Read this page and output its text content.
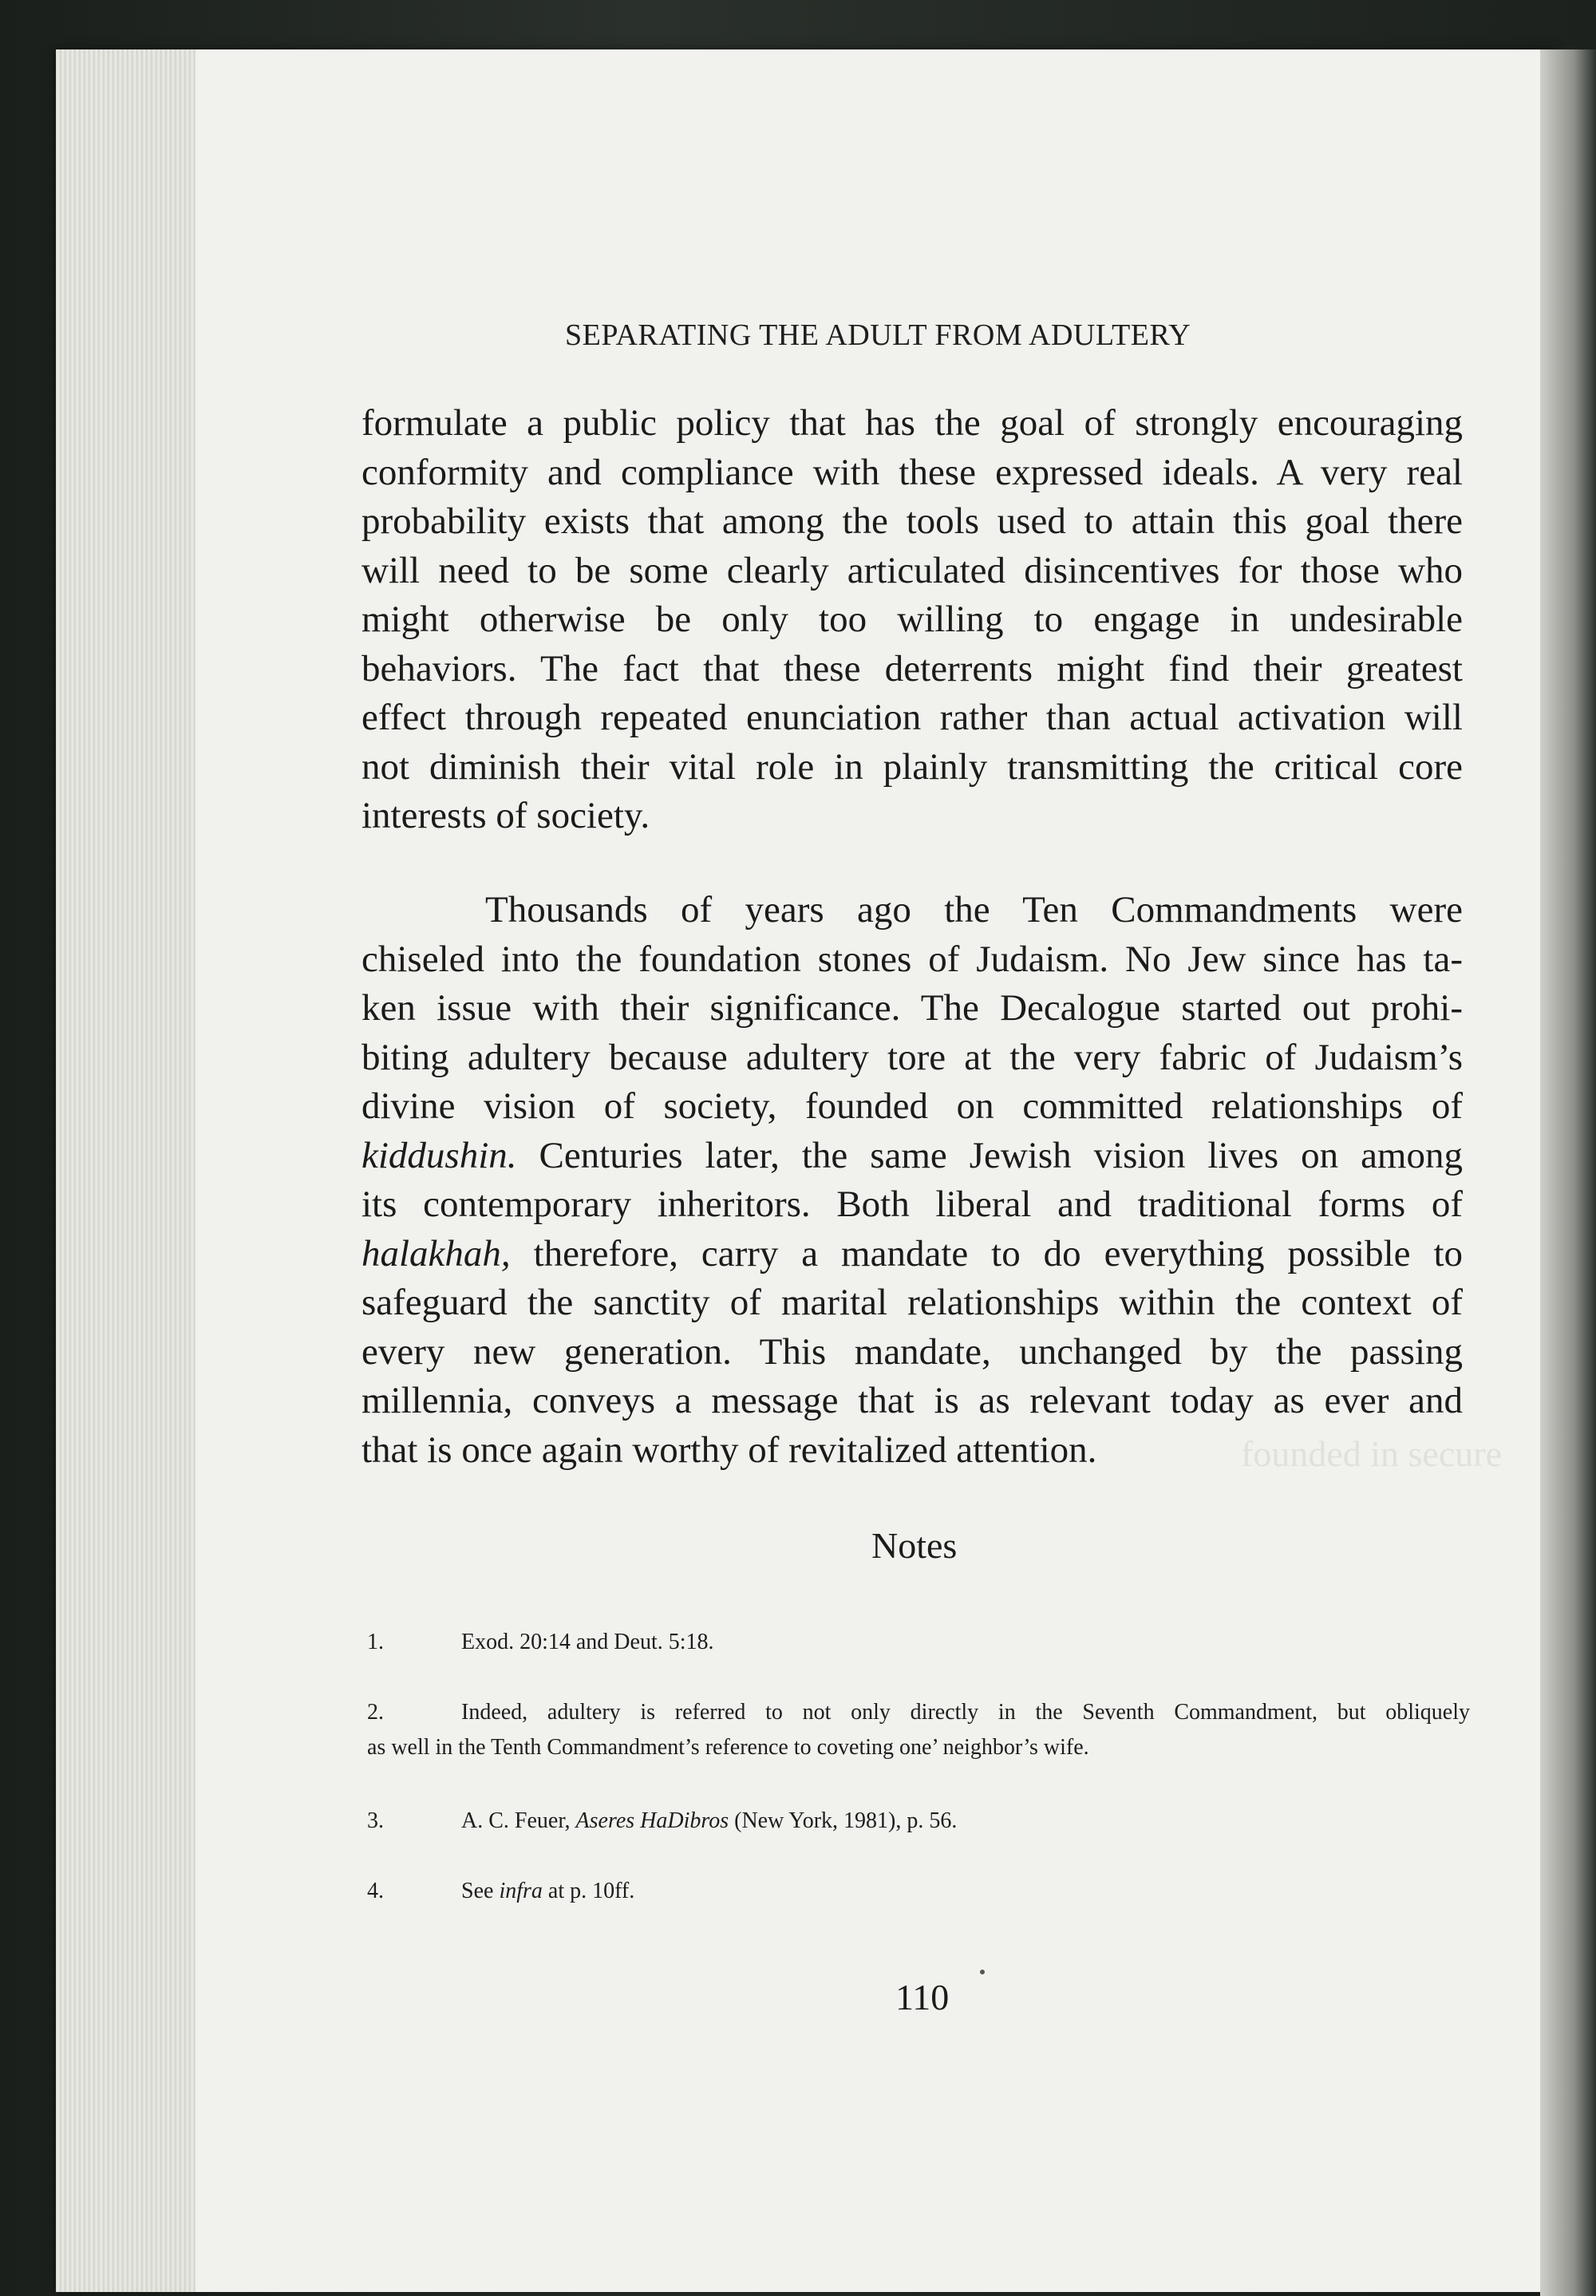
founded in secure
SEPARATING THE ADULT FROM ADULTERY
formulate a public policy that has the goal of strongly encouraging
conformity and compliance with these expressed ideals. A very real
probability exists that among the tools used to attain this goal there
will need to be some clearly articulated disincentives for those who
might otherwise be only too willing to engage in undesirable
behaviors. The fact that these deterrents might find their greatest
effect through repeated enunciation rather than actual activation will
not diminish their vital role in plainly transmitting the critical core
interests of society.
Thousands of years ago the Ten Commandments were
chiseled into the foundation stones of Judaism. No Jew since has ta-
ken issue with their significance. The Decalogue started out prohi-
biting adultery because adultery tore at the very fabric of Judaism’s
divine vision of society, founded on committed relationships of
kiddushin. Centuries later, the same Jewish vision lives on among
its contemporary inheritors. Both liberal and traditional forms of
halakhah, therefore, carry a mandate to do everything possible to
safeguard the sanctity of marital relationships within the context of
every new generation. This mandate, unchanged by the passing
millennia, conveys a message that is as relevant today as ever and
that is once again worthy of revitalized attention.
Notes
1.	Exod. 20:14 and Deut. 5:18.
2.	Indeed, adultery is referred to not only directly in the Seventh Commandment, but obliquely
as well in the Tenth Commandment’s reference to coveting one’ neighbor’s wife.
3.	A. C. Feuer, Aseres HaDibros (New York, 1981), p. 56.
4.	See infra at p. 10ff.
110
